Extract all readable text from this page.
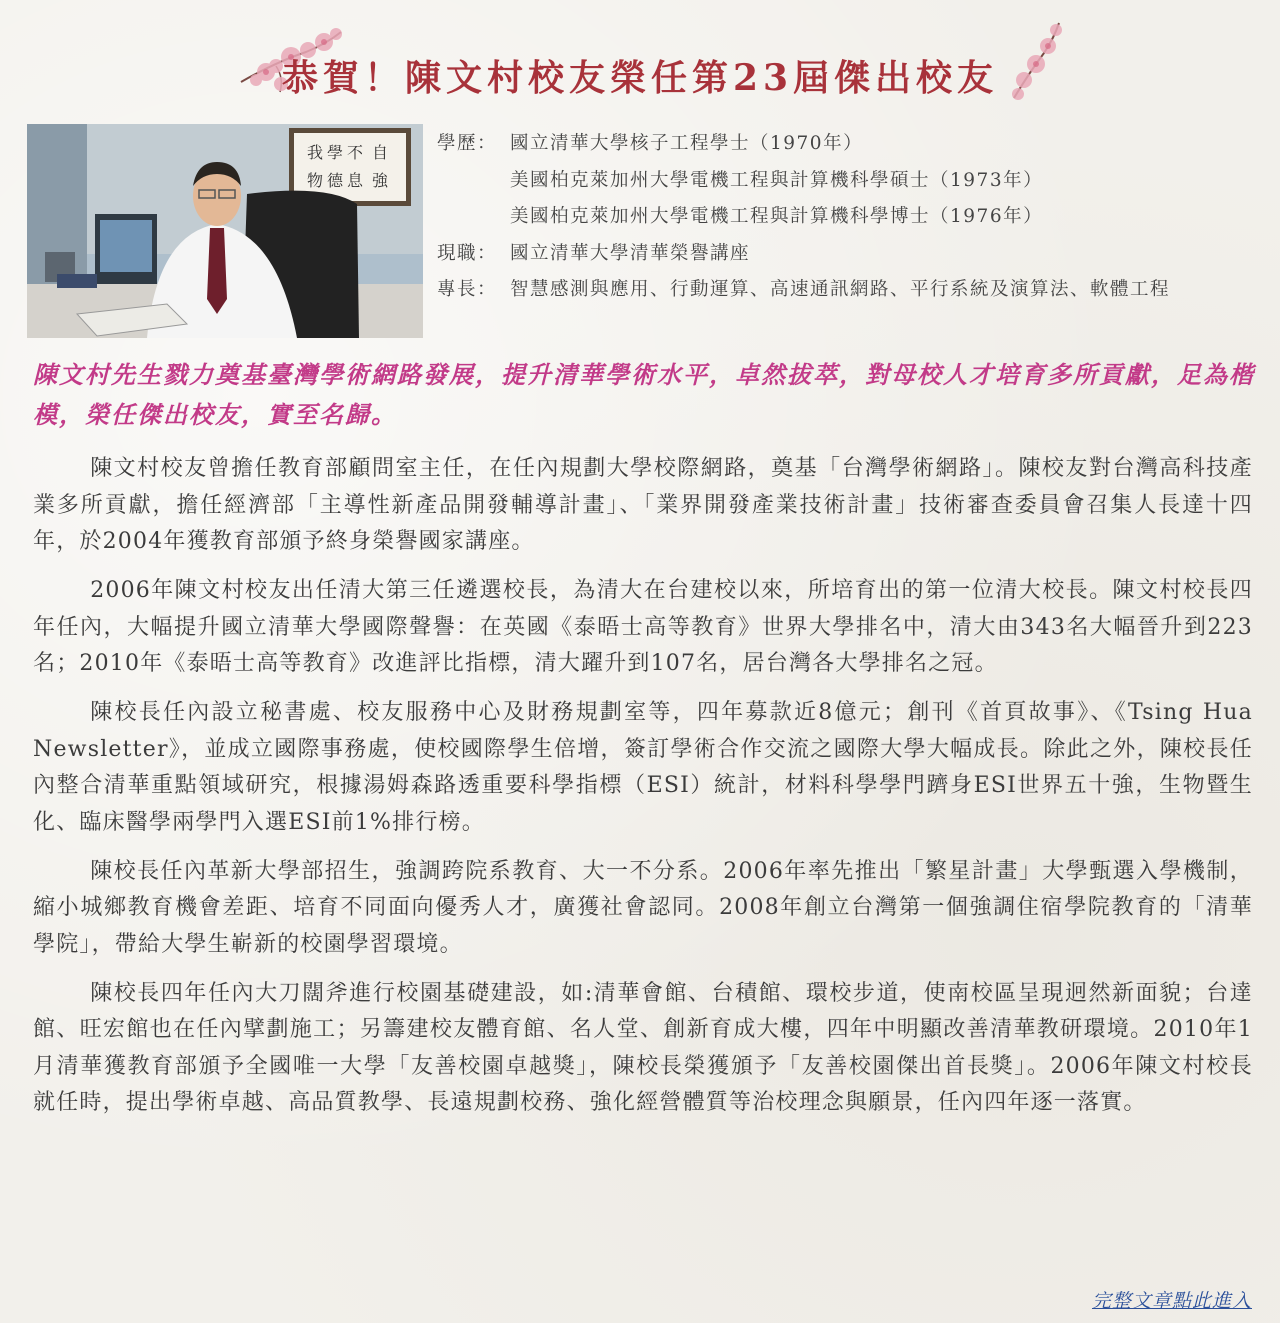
恭賀！陳文村校友榮任第23屆傑出校友
我 學 不 自
物 德 息 強
學歷： 國立清華大學核子工程學士（1970年）
美國柏克萊加州大學電機工程與計算機科學碩士（1973年）
美國柏克萊加州大學電機工程與計算機科學博士（1976年）
現職： 國立清華大學清華榮譽講座
專長： 智慧感測與應用、行動運算、高速通訊網路、平行系統及演算法、軟體工程
陳文村先生戮力奠基臺灣學術網路發展，提升清華學術水平，卓然拔萃，對母校人才培育多所貢獻，足為楷模，榮任傑出校友，實至名歸。

陳文村校友曾擔任教育部顧問室主任，在任內規劃大學校際網路，奠基「台灣學術網路」。陳校友對台灣高科技產業多所貢獻，擔任經濟部「主導性新產品開發輔導計畫」、「業界開發產業技術計畫」技術審查委員會召集人長達十四年，於2004年獲教育部頒予終身榮譽國家講座。

2006年陳文村校友出任清大第三任遴選校長，為清大在台建校以來，所培育出的第一位清大校長。陳文村校長四年任內，大幅提升國立清華大學國際聲譽：在英國《泰晤士高等教育》世界大學排名中，清大由343名大幅晉升到223名；2010年《泰晤士高等教育》改進評比指標，清大躍升到107名，居台灣各大學排名之冠。

陳校長任內設立秘書處、校友服務中心及財務規劃室等，四年募款近8億元；創刊《首頁故事》、《Tsing Hua Newsletter》，並成立國際事務處，使校國際學生倍增，簽訂學術合作交流之國際大學大幅成長。除此之外，陳校長任內整合清華重點領域研究，根據湯姆森路透重要科學指標（ESI）統計，材料科學學門躋身ESI世界五十強，生物暨生化、臨床醫學兩學門入選ESI前1%排行榜。

陳校長任內革新大學部招生，強調跨院系教育、大一不分系。2006年率先推出「繁星計畫」大學甄選入學機制，縮小城鄉教育機會差距、培育不同面向優秀人才，廣獲社會認同。2008年創立台灣第一個強調住宿學院教育的「清華學院」，帶給大學生嶄新的校園學習環境。

陳校長四年任內大刀闊斧進行校園基礎建設，如:清華會館、台積館、環校步道，使南校區呈現迥然新面貌；台達館、旺宏館也在任內擘劃施工；另籌建校友體育館、名人堂、創新育成大樓，四年中明顯改善清華教研環境。2010年1月清華獲教育部頒予全國唯一大學「友善校園卓越獎」，陳校長榮獲頒予「友善校園傑出首長獎」。2006年陳文村校長就任時，提出學術卓越、高品質教學、長遠規劃校務、強化經營體質等治校理念與願景，任內四年逐一落實。

完整文章點此進入
